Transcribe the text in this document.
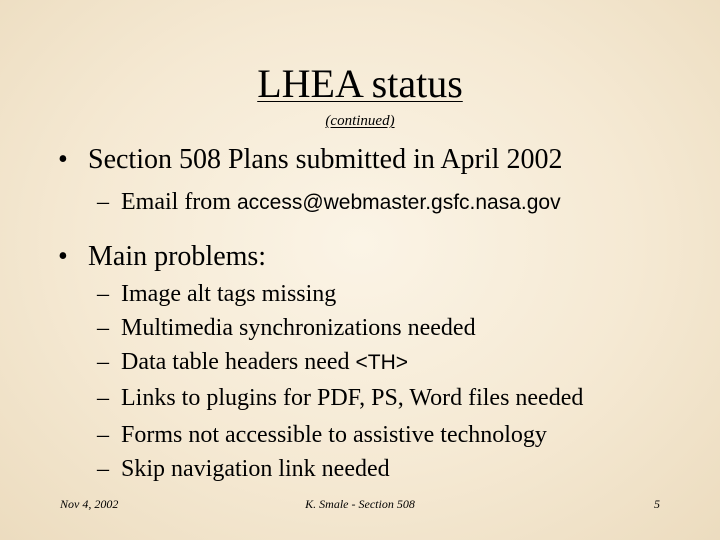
LHEA status
(continued)
• Section 508 Plans submitted in April 2002
– Email from access@webmaster.gsfc.nasa.gov
• Main problems:
– Image alt tags missing
– Multimedia synchronizations needed
– Data table headers need <TH>
– Links to plugins for PDF, PS, Word files needed
– Forms not accessible to assistive technology
– Skip navigation link needed
Nov 4, 2002	K. Smale - Section 508	5
